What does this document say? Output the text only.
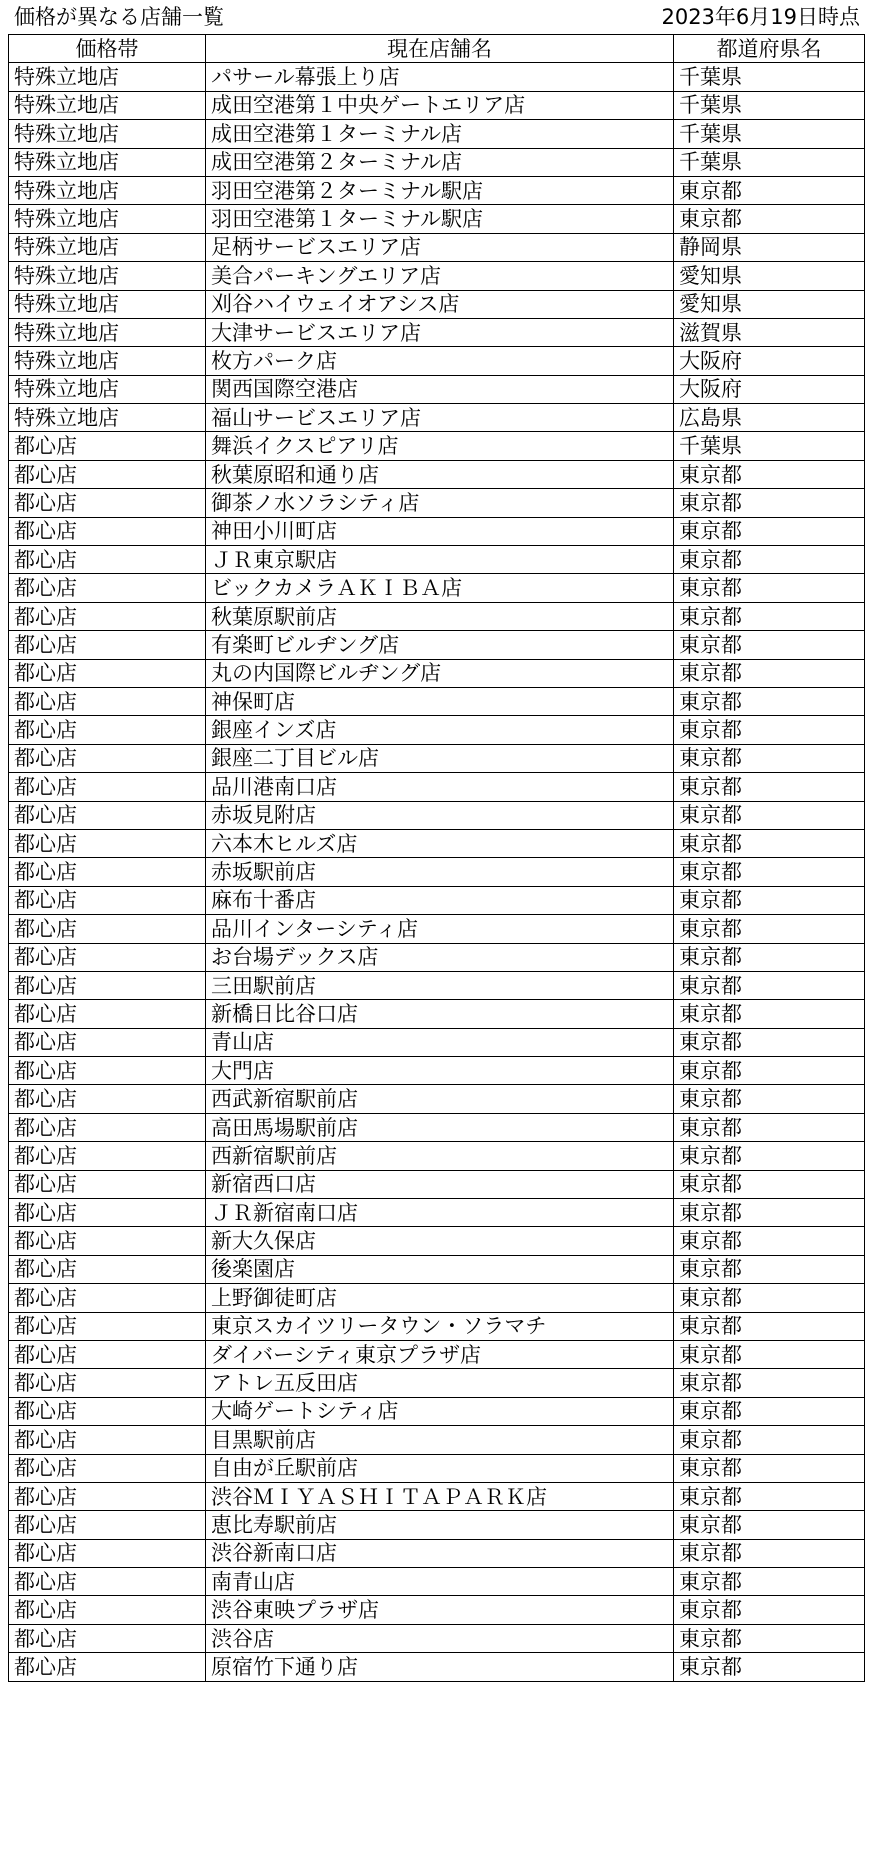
価格が異なる店舗一覧	2023年6月19日時点
価格帯	現在店舗名	都道府県名
特殊立地店	パサール幕張上り店	千葉県
特殊立地店	成田空港第１中央ゲートエリア店	千葉県
特殊立地店	成田空港第１ターミナル店	千葉県
特殊立地店	成田空港第２ターミナル店	千葉県
特殊立地店	羽田空港第２ターミナル駅店	東京都
特殊立地店	羽田空港第１ターミナル駅店	東京都
特殊立地店	足柄サービスエリア店	静岡県
特殊立地店	美合パーキングエリア店	愛知県
特殊立地店	刈谷ハイウェイオアシス店	愛知県
特殊立地店	大津サービスエリア店	滋賀県
特殊立地店	枚方パーク店	大阪府
特殊立地店	関西国際空港店	大阪府
特殊立地店	福山サービスエリア店	広島県
都心店	舞浜イクスピアリ店	千葉県
都心店	秋葉原昭和通り店	東京都
都心店	御茶ノ水ソラシティ店	東京都
都心店	神田小川町店	東京都
都心店	ＪＲ東京駅店	東京都
都心店	ビックカメラＡＫＩＢＡ店	東京都
都心店	秋葉原駅前店	東京都
都心店	有楽町ビルヂング店	東京都
都心店	丸の内国際ビルヂング店	東京都
都心店	神保町店	東京都
都心店	銀座インズ店	東京都
都心店	銀座二丁目ビル店	東京都
都心店	品川港南口店	東京都
都心店	赤坂見附店	東京都
都心店	六本木ヒルズ店	東京都
都心店	赤坂駅前店	東京都
都心店	麻布十番店	東京都
都心店	品川インターシティ店	東京都
都心店	お台場デックス店	東京都
都心店	三田駅前店	東京都
都心店	新橋日比谷口店	東京都
都心店	青山店	東京都
都心店	大門店	東京都
都心店	西武新宿駅前店	東京都
都心店	高田馬場駅前店	東京都
都心店	西新宿駅前店	東京都
都心店	新宿西口店	東京都
都心店	ＪＲ新宿南口店	東京都
都心店	新大久保店	東京都
都心店	後楽園店	東京都
都心店	上野御徒町店	東京都
都心店	東京スカイツリータウン・ソラマチ	東京都
都心店	ダイバーシティ東京プラザ店	東京都
都心店	アトレ五反田店	東京都
都心店	大崎ゲートシティ店	東京都
都心店	目黒駅前店	東京都
都心店	自由が丘駅前店	東京都
都心店	渋谷ＭＩＹＡＳＨＩＴＡＰＡＲＫ店	東京都
都心店	恵比寿駅前店	東京都
都心店	渋谷新南口店	東京都
都心店	南青山店	東京都
都心店	渋谷東映プラザ店	東京都
都心店	渋谷店	東京都
都心店	原宿竹下通り店	東京都
